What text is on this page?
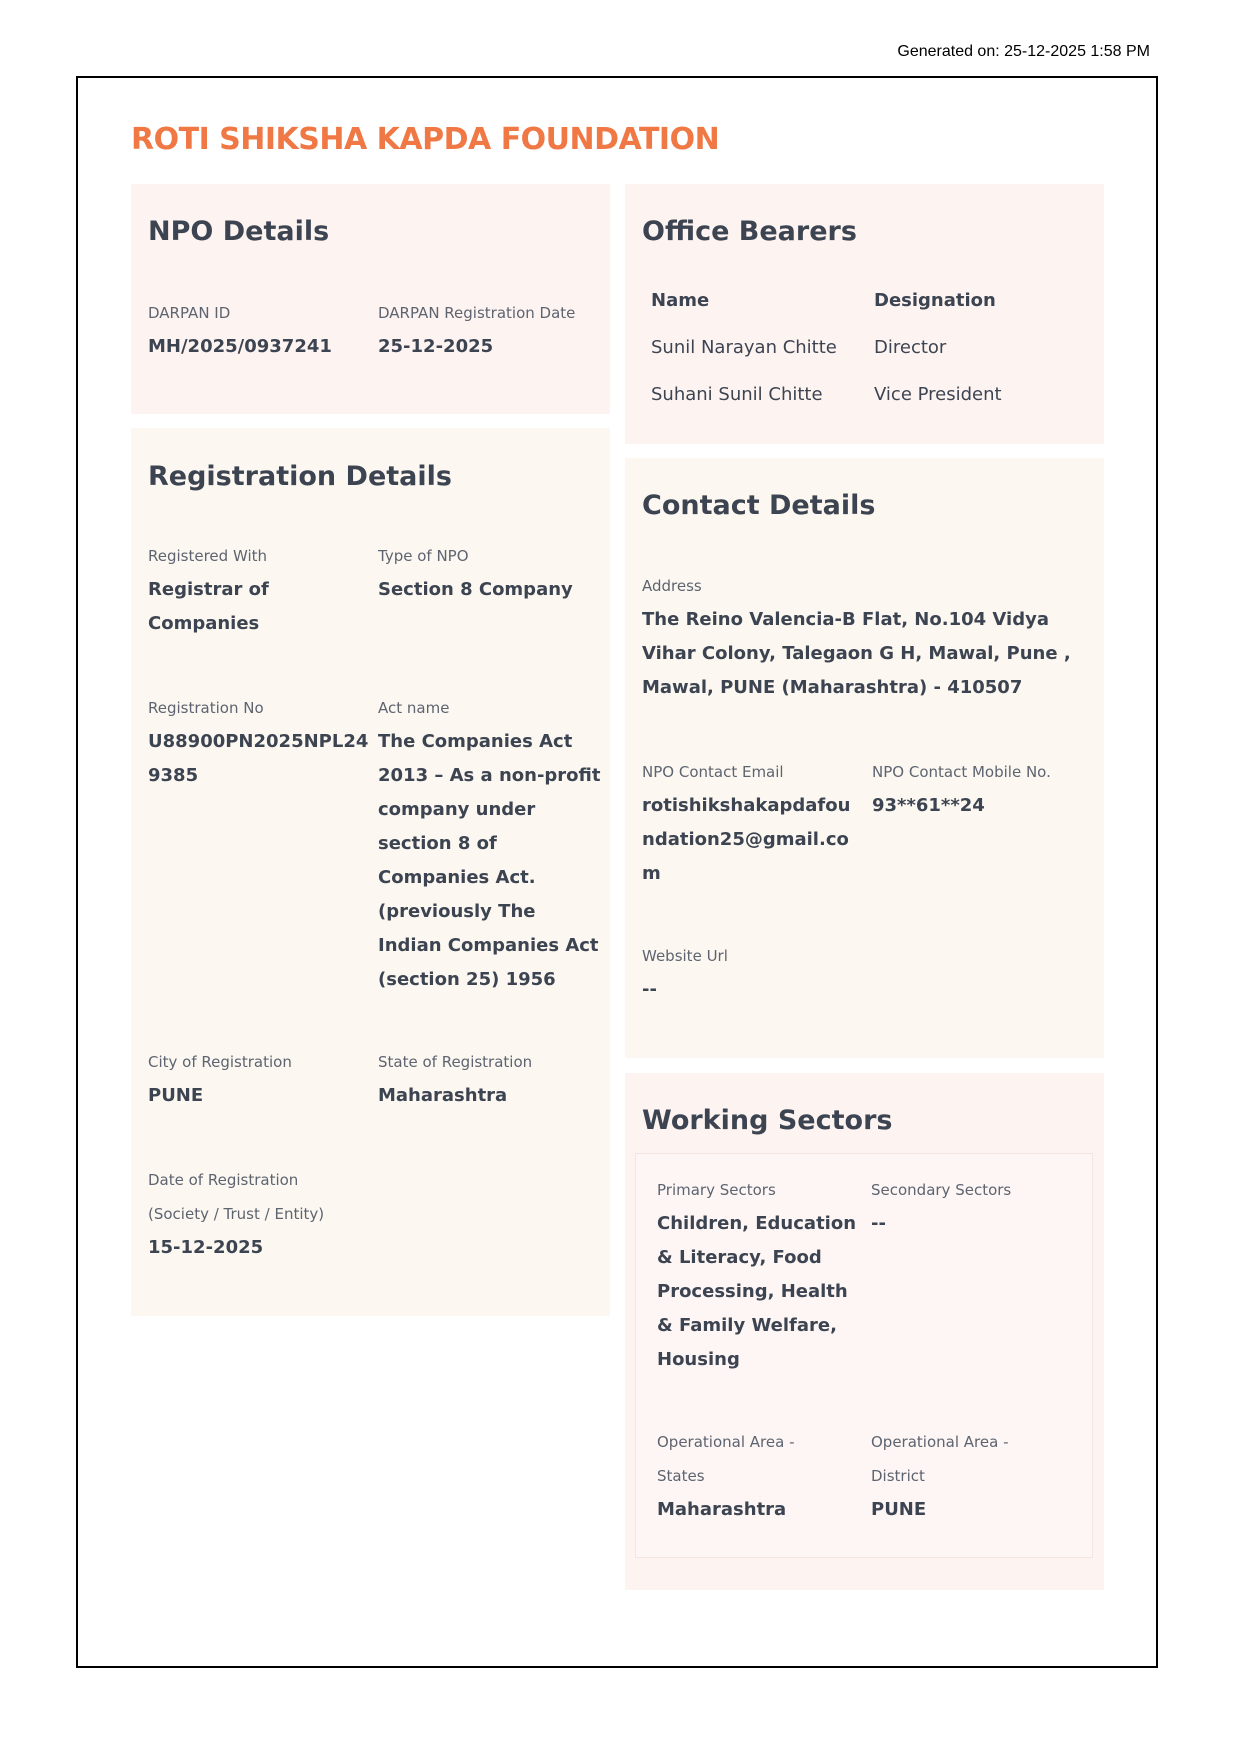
Generated on: 25-12-2025 1:58 PM
ROTI SHIKSHA KAPDA FOUNDATION
NPO Details
DARPAN ID
MH/2025/0937241
DARPAN Registration Date
25-12-2025
Office Bearers
Name	Designation
Sunil Narayan Chitte Director
Suhani Sunil Chitte	Vice President
Registration Details
Registered With
Registrar of Companies
Type of NPO
Section 8 Company
Registration No
U88900PN2025NPL249385
Act name
The Companies Act 2013 – As a non-profit company under section 8 of Companies Act. (previously The Indian Companies Act (section 25) 1956
City of Registration
PUNE
State of Registration
Maharashtra
Date of Registration (Society / Trust / Entity)
15-12-2025
Contact Details
Address
The Reino Valencia-B Flat, No.104 Vidya Vihar Colony, Talegaon G H, Mawal, Pune , Mawal, PUNE (Maharashtra) - 410507
NPO Contact Email
rotishikshakapdafoundation25@gmail.com
NPO Contact Mobile No.
93**61**24
Website Url
--
Working Sectors
Primary Sectors
Children, Education & Literacy, Food Processing, Health & Family Welfare, Housing
Secondary Sectors
--
Operational Area - States
Maharashtra
Operational Area - District
PUNE
